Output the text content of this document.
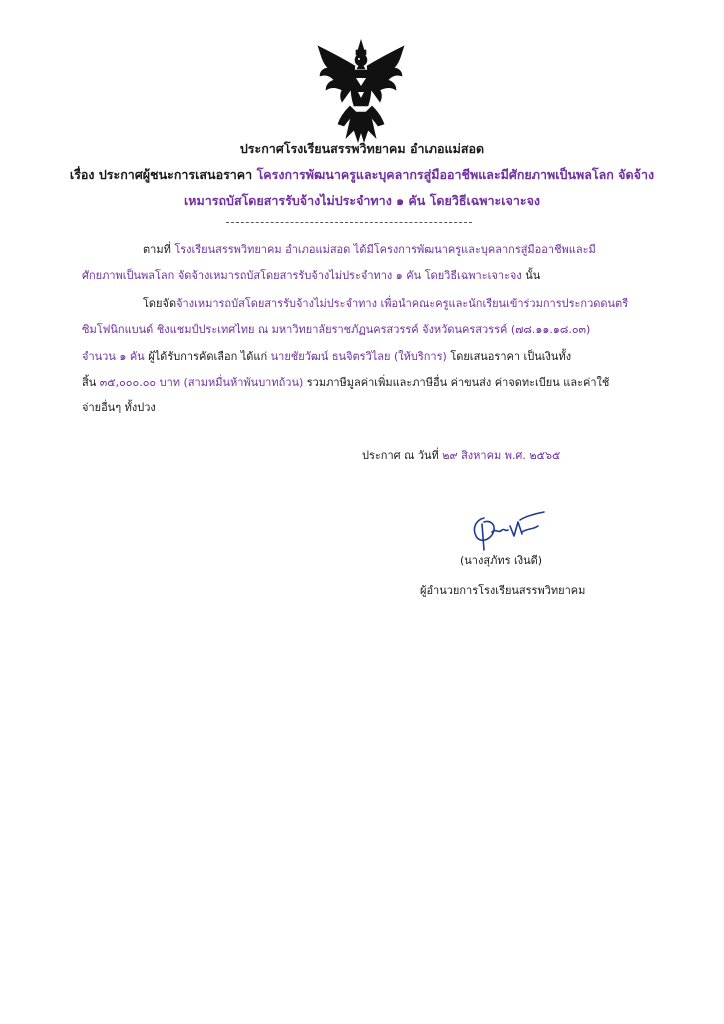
ประกาศโรงเรียนสรรพวิทยาคม อำเภอแม่สอด
เรื่อง ประกาศผู้ชนะการเสนอราคา โครงการพัฒนาครูและบุคลากรสู่มืออาชีพและมีศักยภาพเป็นพลโลก จัดจ้าง
เหมารถบัสโดยสารรับจ้างไม่ประจำทาง ๑ คัน โดยวิธีเฉพาะเจาะจง
ตามที่ โรงเรียนสรรพวิทยาคม อำเภอแม่สอด ได้มีโครงการพัฒนาครูและบุคลากรสู่มืออาชีพและมี
ศักยภาพเป็นพลโลก จัดจ้างเหมารถบัสโดยสารรับจ้างไม่ประจำทาง ๑ คัน โดยวิธีเฉพาะเจาะจง นั้น
โดยจัดจ้างเหมารถบัสโดยสารรับจ้างไม่ประจำทาง เพื่อนำคณะครูและนักเรียนเข้าร่วมการประกวดดนตรี
ซิมโฟนิกแบนด์ ชิงแชมป์ประเทศไทย ณ มหาวิทยาลัยราชภัฏนครสวรรค์ จังหวัดนครสวรรค์ (๗๘.๑๑.๑๘.๐๓)
จำนวน ๑ คัน ผู้ได้รับการคัดเลือก ได้แก่ นายชัยวัฒน์ ธนจิตรวิไลย (ให้บริการ) โดยเสนอราคา เป็นเงินทั้ง
สิ้น ๓๕,๐๐๐.๐๐ บาท (สามหมื่นห้าพันบาทถ้วน) รวมภาษีมูลค่าเพิ่มและภาษีอื่น ค่าขนส่ง ค่าจดทะเบียน และค่าใช้
จ่ายอื่นๆ ทั้งปวง
ประกาศ ณ วันที่ ๒๙ สิงหาคม พ.ศ. ๒๕๖๕
(นางสุภัทร เงินดี)
ผู้อำนวยการโรงเรียนสรรพวิทยาคม
